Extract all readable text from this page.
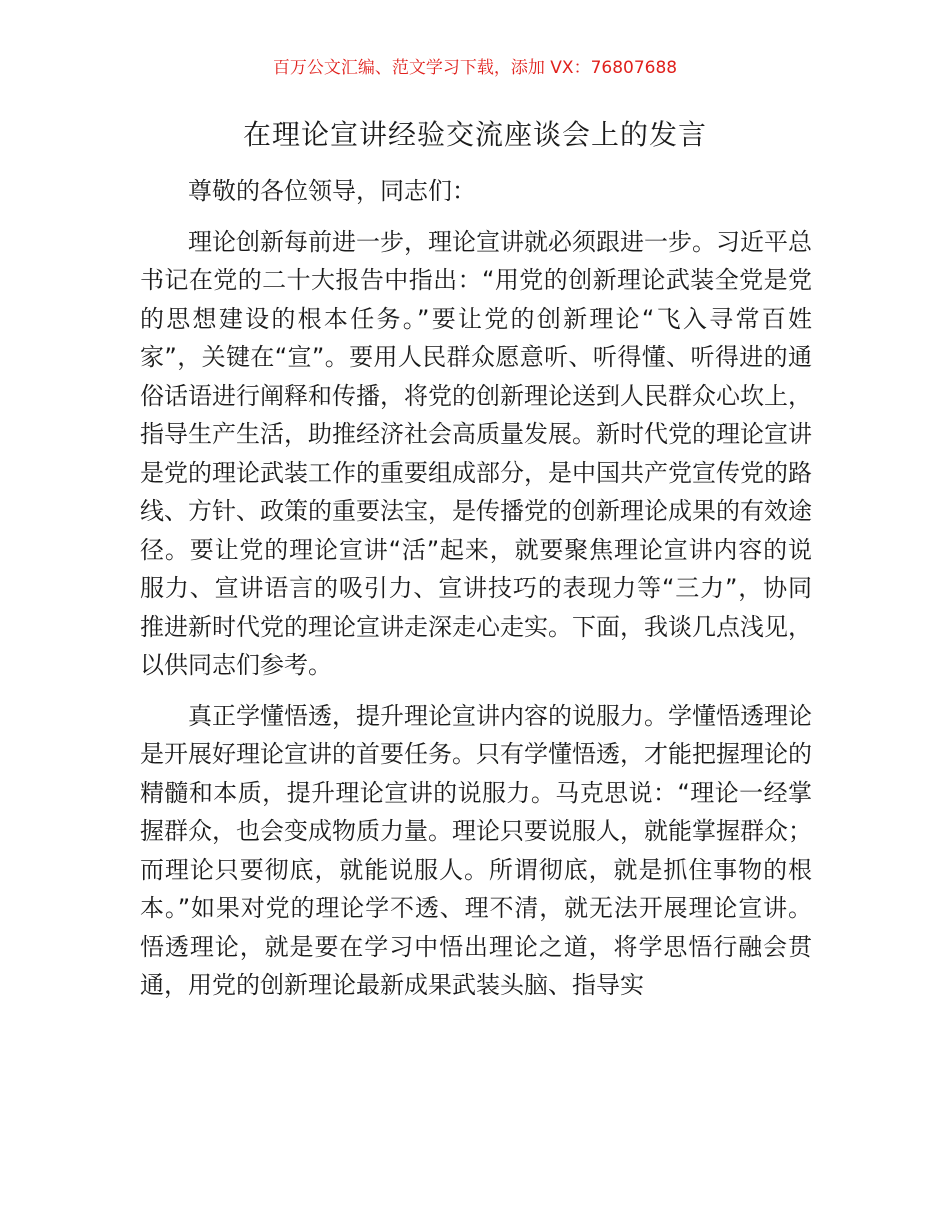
百万公文汇编、范文学习下载，添加 VX：76807688
在理论宣讲经验交流座谈会上的发言

尊敬的各位领导，同志们：

理论创新每前进一步，理论宣讲就必须跟进一步。习近平总书记在党的二十大报告中指出：“用党的创新理论武装全党是党的思想建设的根本任务。”要让党的创新理论“飞入寻常百姓家”，关键在“宣”。要用人民群众愿意听、听得懂、听得进的通俗话语进行阐释和传播，将党的创新理论送到人民群众心坎上，指导生产生活，助推经济社会高质量发展。新时代党的理论宣讲是党的理论武装工作的重要组成部分，是中国共产党宣传党的路线、方针、政策的重要法宝，是传播党的创新理论成果的有效途径。要让党的理论宣讲“活”起来，就要聚焦理论宣讲内容的说服力、宣讲语言的吸引力、宣讲技巧的表现力等“三力”，协同推进新时代党的理论宣讲走深走心走实。下面，我谈几点浅见，以供同志们参考。

真正学懂悟透，提升理论宣讲内容的说服力。学懂悟透理论是开展好理论宣讲的首要任务。只有学懂悟透，才能把握理论的精髓和本质，提升理论宣讲的说服力。马克思说：“理论一经掌握群众，也会变成物质力量。理论只要说服人，就能掌握群众；而理论只要彻底，就能说服人。所谓彻底，就是抓住事物的根本。”如果对党的理论学不透、理不清，就无法开展理论宣讲。悟透理论，就是要在学习中悟出理论之道，将学思悟行融会贯通，用党的创新理论最新成果武装头脑、指导实
